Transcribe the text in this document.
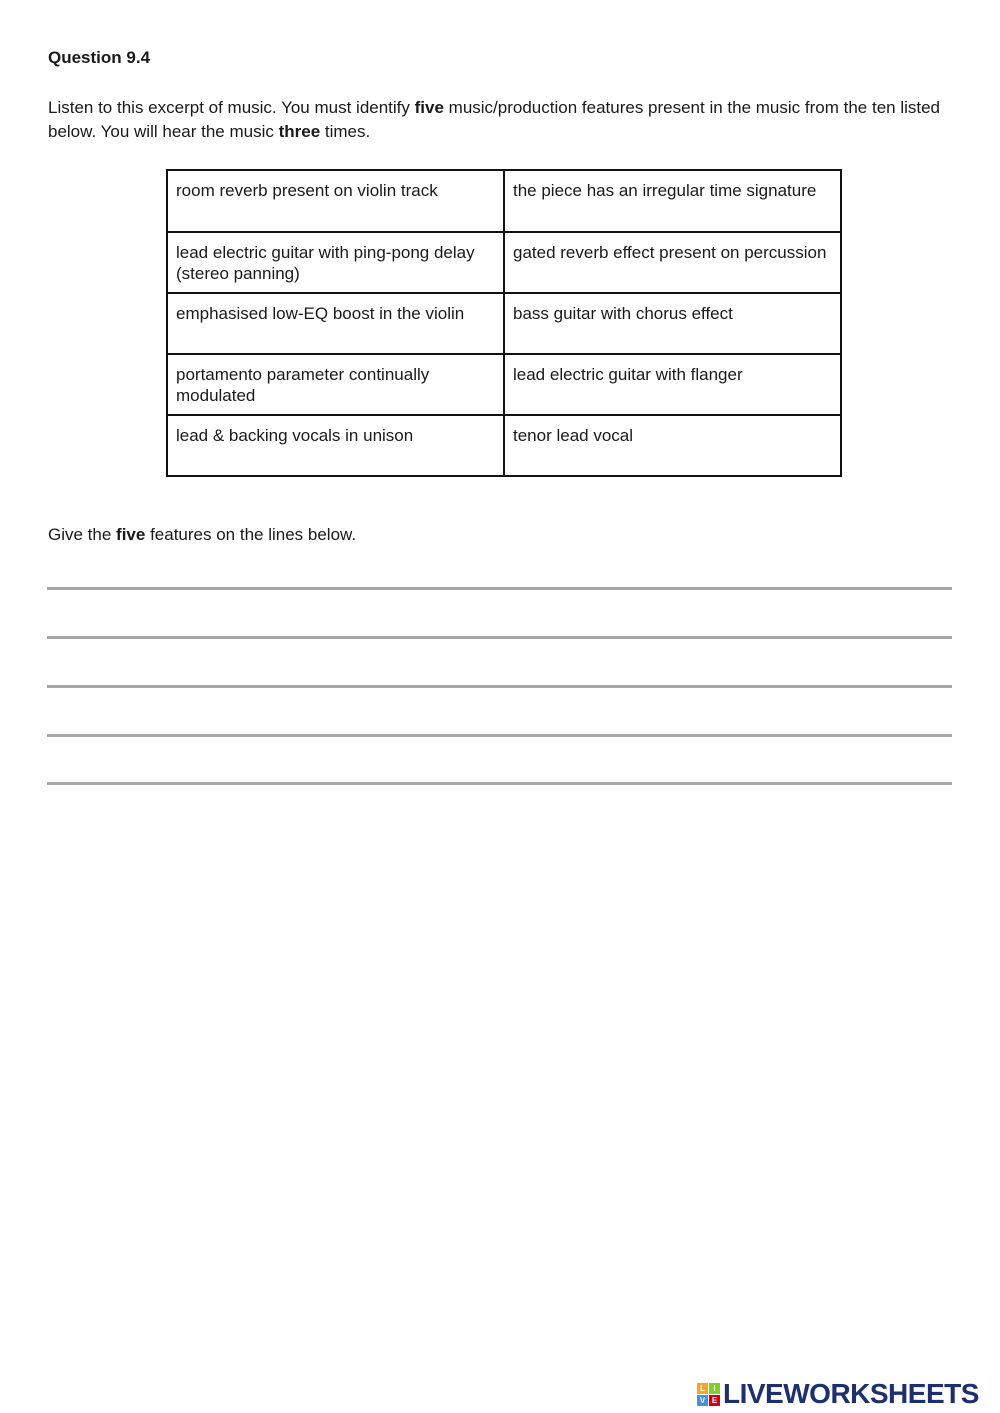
Question 9.4

Listen to this excerpt of music. You must identify five music/production features present in the music from the ten listed below. You will hear the music three times.

room reverb present on violin track	the piece has an irregular time signature
lead electric guitar with ping-pong delay (stereo panning)	gated reverb effect present on percussion
emphasised low-EQ boost in the violin	bass guitar with chorus effect
portamento parameter continually modulated	lead electric guitar with flanger
lead & backing vocals in unison	tenor lead vocal

Give the five features on the lines below.

L	I
V E LIVEWORKSHEETS
